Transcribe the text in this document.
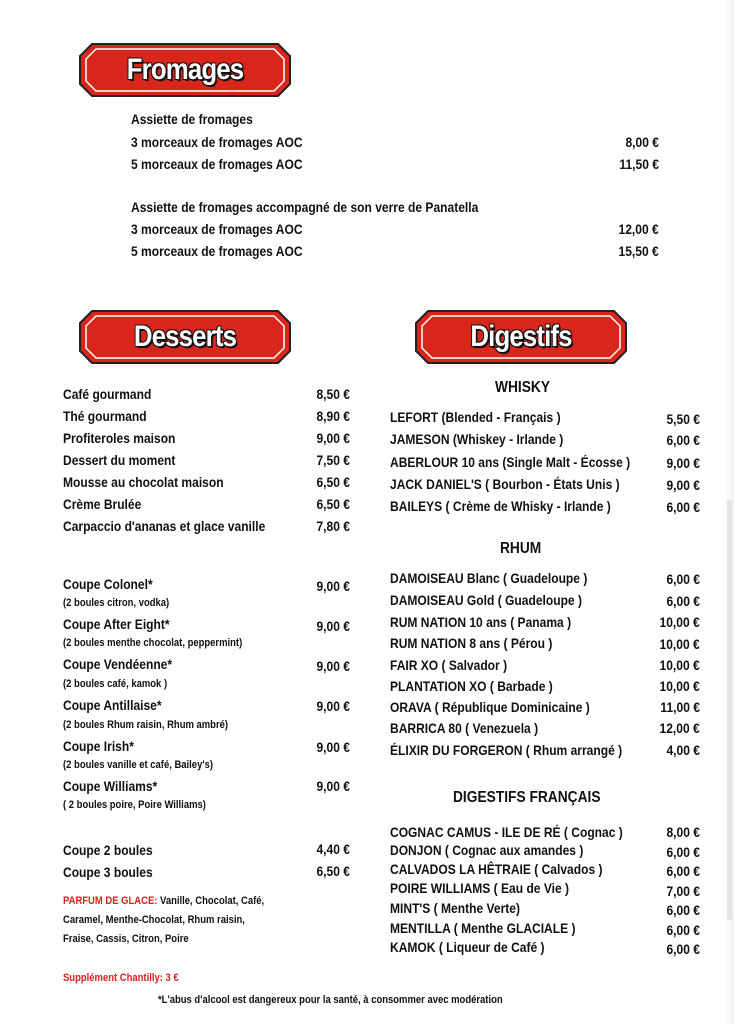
Fromages
Assiette de fromages
3 morceaux de fromages AOC	8,00 €
5 morceaux de fromages AOC	11,50 €
Assiette de fromages accompagné de son verre de Panatella
3 morceaux de fromages AOC	12,00 €
5 morceaux de fromages AOC	15,50 €
Desserts	Digestifs
Café gourmand	8,50 €
Thé gourmand	8,90 €
Profiteroles maison	9,00 €
Dessert du moment	7,50 €
Mousse au chocolat maison	6,50 €
Crème Brulée	6,50 €
Carpaccio d'ananas et glace vanille	7,80 €
Coupe Colonel*	9,00 €
(2 boules citron, vodka)
Coupe After Eight*	9,00 €
(2 boules menthe chocolat, peppermint)
Coupe Vendéenne*	9,00 €
(2 boules café, kamok )
Coupe Antillaise*	9,00 €
(2 boules Rhum raisin, Rhum ambré)
Coupe Irish*	9,00 €
(2 boules vanille et café, Bailey's)
Coupe Williams*	9,00 €
( 2 boules poire, Poire Williams)
Coupe 2 boules	4,40 €
Coupe 3 boules	6,50 €
PARFUM DE GLACE: Vanille, Chocolat, Café,
Caramel, Menthe-Chocolat, Rhum raisin,
Fraise, Cassis, Citron, Poire
Supplément Chantilly: 3 €
WHISKY
LEFORT (Blended - Français )	5,50 €
JAMESON (Whiskey - Irlande )	6,00 €
ABERLOUR 10 ans (Single Malt - Écosse )	9,00 €
JACK DANIEL'S ( Bourbon - États Unis )	9,00 €
BAILEYS ( Crème de Whisky - Irlande )	6,00 €
RHUM
DAMOISEAU Blanc ( Guadeloupe )	6,00 €
DAMOISEAU Gold ( Guadeloupe )	6,00 €
RUM NATION 10 ans ( Panama )	10,00 €
RUM NATION 8 ans ( Pérou )	10,00 €
FAIR XO ( Salvador )	10,00 €
PLANTATION XO ( Barbade )	10,00 €
ORAVA ( République Dominicaine )	11,00 €
BARRICA 80 ( Venezuela )	12,00 €
ÉLIXIR DU FORGERON ( Rhum arrangé )	4,00 €
DIGESTIFS FRANÇAIS
COGNAC CAMUS - ILE DE RÉ ( Cognac )	8,00 €
DONJON ( Cognac aux amandes )	6,00 €
CALVADOS LA HÊTRAIE ( Calvados )	6,00 €
POIRE WILLIAMS ( Eau de Vie )	7,00 €
MINT'S ( Menthe Verte)	6,00 €
MENTILLA ( Menthe GLACIALE )	6,00 €
KAMOK ( Liqueur de Café )	6,00 €
*L'abus d'alcool est dangereux pour la santé, à consommer avec modération
